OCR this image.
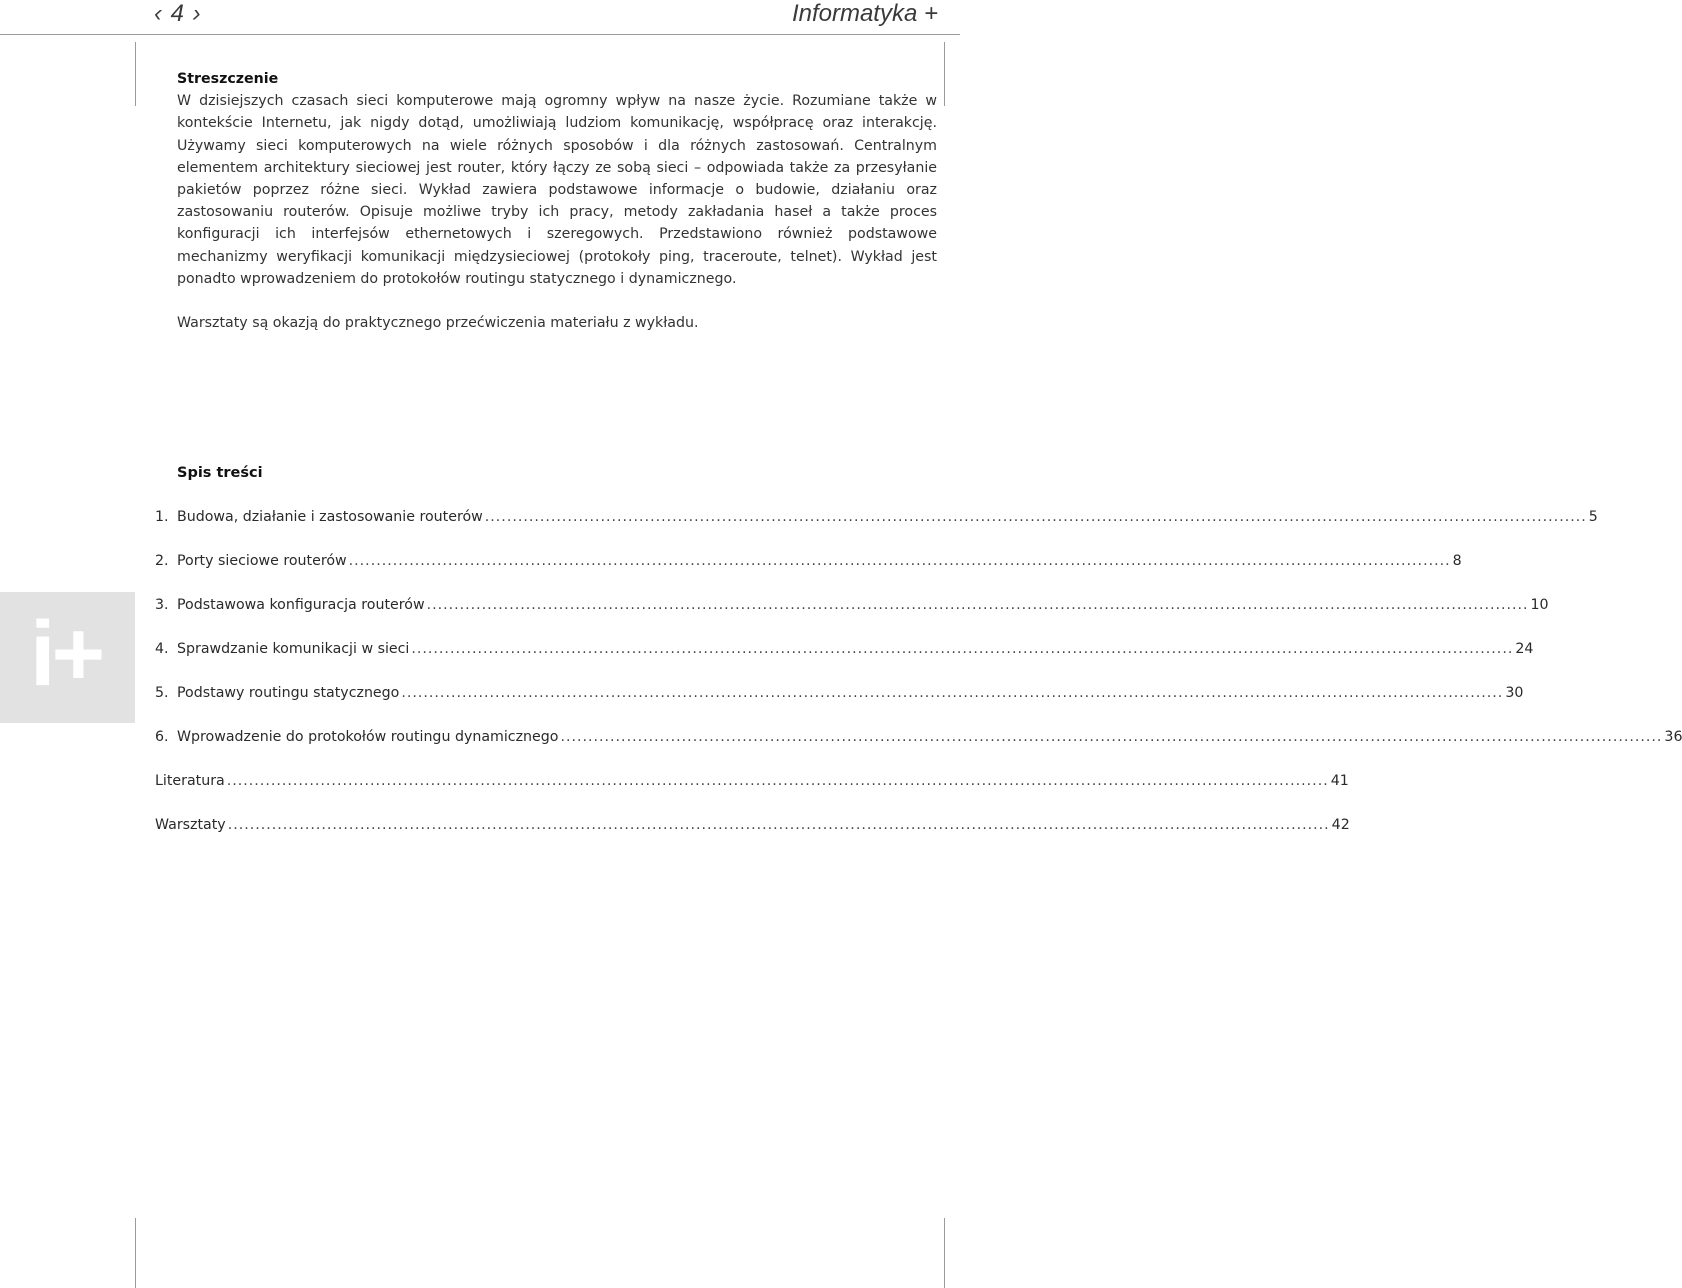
‹ 4 ›	Informatyka +
i+
Streszczenie

W dzisiejszych czasach sieci komputerowe mają ogromny wpływ na nasze życie. Rozumiane także w kontekście Internetu, jak nigdy dotąd, umożliwiają ludziom komunikację, współpracę oraz interakcję. Używamy sieci komputerowych na wiele różnych sposobów i dla różnych zastosowań. Centralnym elementem architektury sieciowej jest router, który łączy ze sobą sieci – odpowiada także za przesyłanie pakietów poprzez różne sieci. Wykład zawiera podstawowe informacje o budowie, działaniu oraz zastosowaniu routerów. Opisuje możliwe tryby ich pracy, metody zakładania haseł a także proces konfiguracji ich interfejsów ethernetowych i szeregowych. Przedstawiono również podstawowe mechanizmy weryfikacji komunikacji międzysieciowej (protokoły ping, traceroute, telnet). Wykład jest ponadto wprowadzeniem do protokołów routingu statycznego i dynamicznego.

Warsztaty są okazją do praktycznego przećwiczenia materiału z wykładu.

Spis treści
1. Budowa, działanie i zastosowanie routerów ........................................................................................................................................................................................................ 5
2. Porty sieciowe routerów ........................................................................................................................................................................................................ 8
3. Podstawowa konfiguracja routerów ........................................................................................................................................................................................................ 10
4. Sprawdzanie komunikacji w sieci ........................................................................................................................................................................................................ 24
5. Podstawy routingu statycznego ........................................................................................................................................................................................................ 30
6. Wprowadzenie do protokołów routingu dynamicznego ........................................................................................................................................................................................................ 36
Literatura ........................................................................................................................................................................................................ 41
Warsztaty ........................................................................................................................................................................................................ 42
